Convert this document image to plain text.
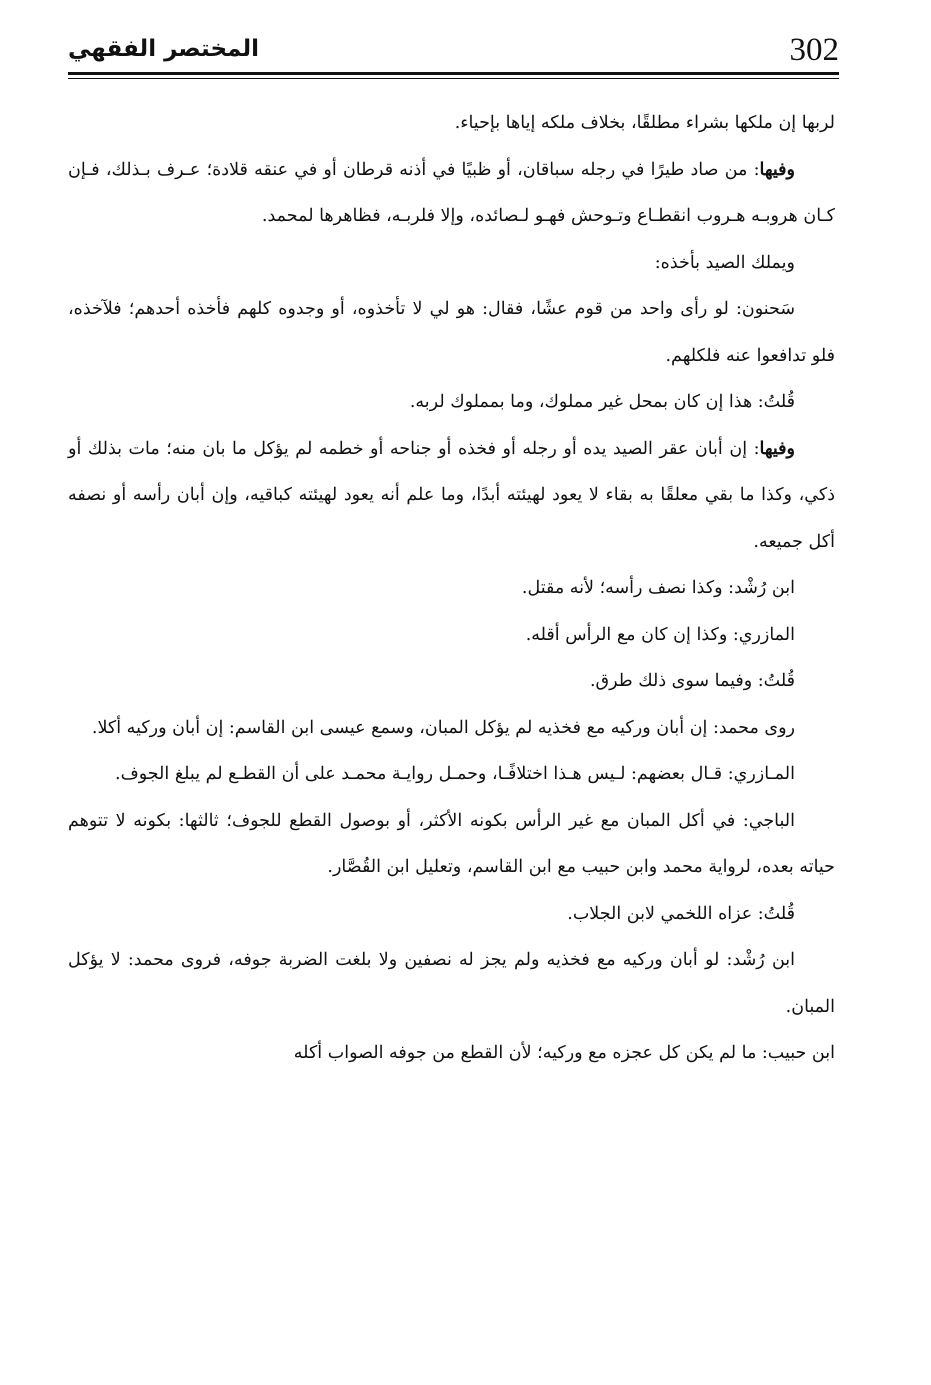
302
المختصر الفقهي

لربها إن ملكها بشراء مطلقًا، بخلاف ملكه إياها بإحياء.

وفيها: من صاد طيرًا في رجله سباقان، أو ظبيًا في أذنه قرطان أو في عنقه قلادة؛ عـرف بـذلك، فـإن كـان هروبـه هـروب انقطـاع وتـوحش فهـو لـصائده، وإلا فلربـه، فظاهرها لمحمد.

ويملك الصيد بأخذه:

سَحنون: لو رأى واحد من قوم عشًا، فقال: هو لي لا تأخذوه، أو وجدوه كلهم فأخذه أحدهم؛ فلآخذه، فلو تدافعوا عنه فلكلهم.

قُلتُ: هذا إن كان بمحل غير مملوك، وما بمملوك لربه.

وفيها: إن أبان عقر الصيد يده أو رجله أو فخذه أو جناحه أو خطمه لم يؤكل ما بان منه؛ مات بذلك أو ذكي، وكذا ما بقي معلقًا به بقاء لا يعود لهيئته أبدًا، وما علم أنه يعود لهيئته كباقيه، وإن أبان رأسه أو نصفه أكل جميعه.

ابن رُشْد: وكذا نصف رأسه؛ لأنه مقتل.

المازري: وكذا إن كان مع الرأس أقله.

قُلتُ: وفيما سوى ذلك طرق.

روى محمد: إن أبان وركيه مع فخذيه لم يؤكل المبان، وسمع عيسى ابن القاسم: إن أبان وركيه أكلا.

المـازري: قـال بعضهم: لـيس هـذا اختلافًـا، وحمـل روايـة محمـد على أن القطـع لم يبلغ الجوف.

الباجي: في أكل المبان مع غير الرأس بكونه الأكثر، أو بوصول القطع للجوف؛ ثالثها: بكونه لا تتوهم حياته بعده، لرواية محمد وابن حبيب مع ابن القاسم، وتعليل ابن القُصَّار.

قُلتُ: عزاه اللخمي لابن الجلاب.

ابن رُشْد: لو أبان وركيه مع فخذيه ولم يجز له نصفين ولا بلغت الضربة جوفه، فروى محمد: لا يؤكل المبان.

ابن حبيب: ما لم يكن كل عجزه مع وركيه؛ لأن القطع من جوفه الصواب أكله
